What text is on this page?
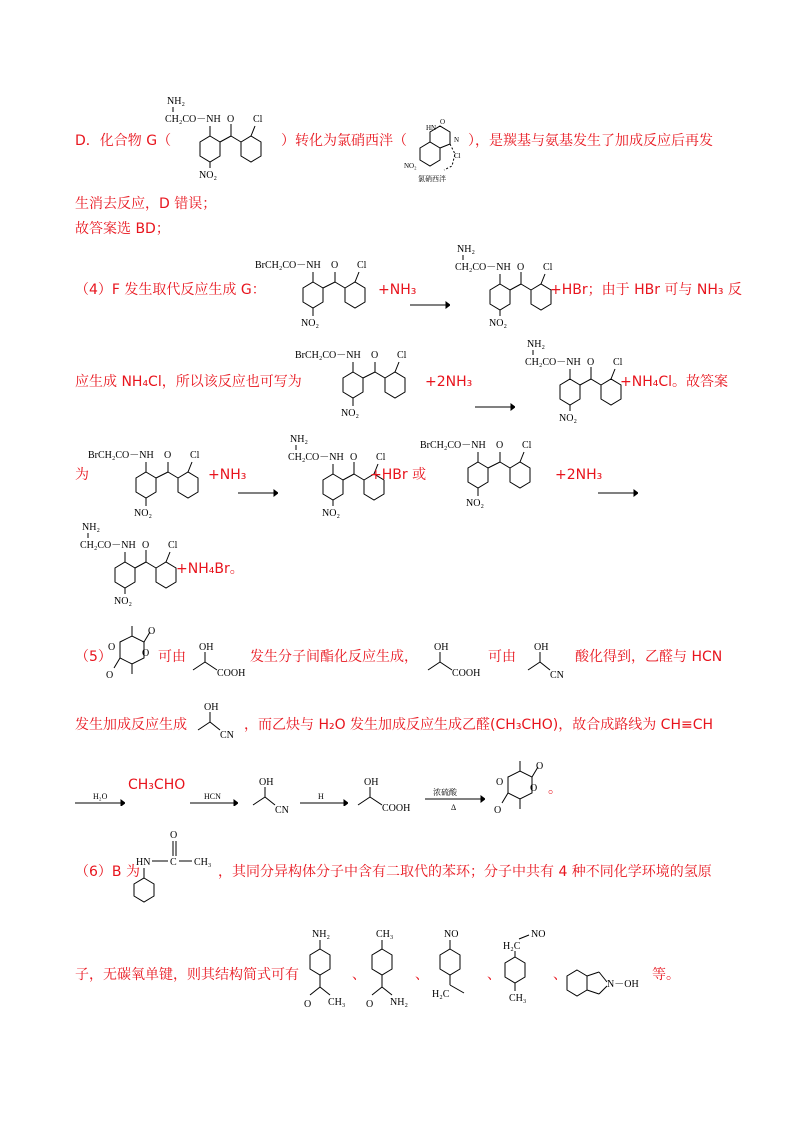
D．化合物 G（	）转化为氯硝西泮（	），是羰基与氨基发生了加成反应后再发
生消去反应，D 错误；
故答案选 BD；
NH₂
CH₂CO－NH O Cl
NO₂
HN
O
N
Cl
NO₂
氯硝西泮
（4）F 发生取代反应生成 G：
BrCH₂CO－NH O Cl
NO₂
+NH₃
NH₂
CH₂CO－NH O Cl
NO₂
+HBr；由于 HBr 可与 NH₃ 反
应生成 NH₄Cl，所以该反应也可写为
BrCH₂CO－NH O Cl
NO₂
+2NH₃
NH₂
CH₂CO－NH O Cl
NO₂
+NH₄Cl。故答案
为
BrCH₂CO－NH O Cl
NO₂
+NH₃
NH₂
CH₂CO－NH O Cl
NO₂
+HBr 或
BrCH₂CO－NH O Cl
NO₂
+2NH₃
NH₂
CH₂CO－NH O Cl
NO₂
+NH₄Br。
（5）
O
O
O
O
可由
OH
COOH
发生分子间酯化反应生成，
OH
COOH
可由
OH
CN
酸化得到，乙醛与 HCN
发生加成反应生成
OH
CN
，而乙炔与 H₂O 发生加成反应生成乙醛(CH₃CHO)，故合成路线为 CH≡CH
H₂O
CH₃CHO
HCN
OH
CN
H
OH
COOH
浓硫酸
Δ
O
O
O
O	。
（6）B 为
O
HN C CH₃
，其同分异构体分子中含有二取代的苯环；分子中共有 4 种不同化学环境的氢原
子，无碳氧单键，则其结构简式可有
NH₂
O CH₃
、
CH₃
O NH₂
、
NO
H₂C
、
H₂C
NO
CH₃
、
N－OH
等。
